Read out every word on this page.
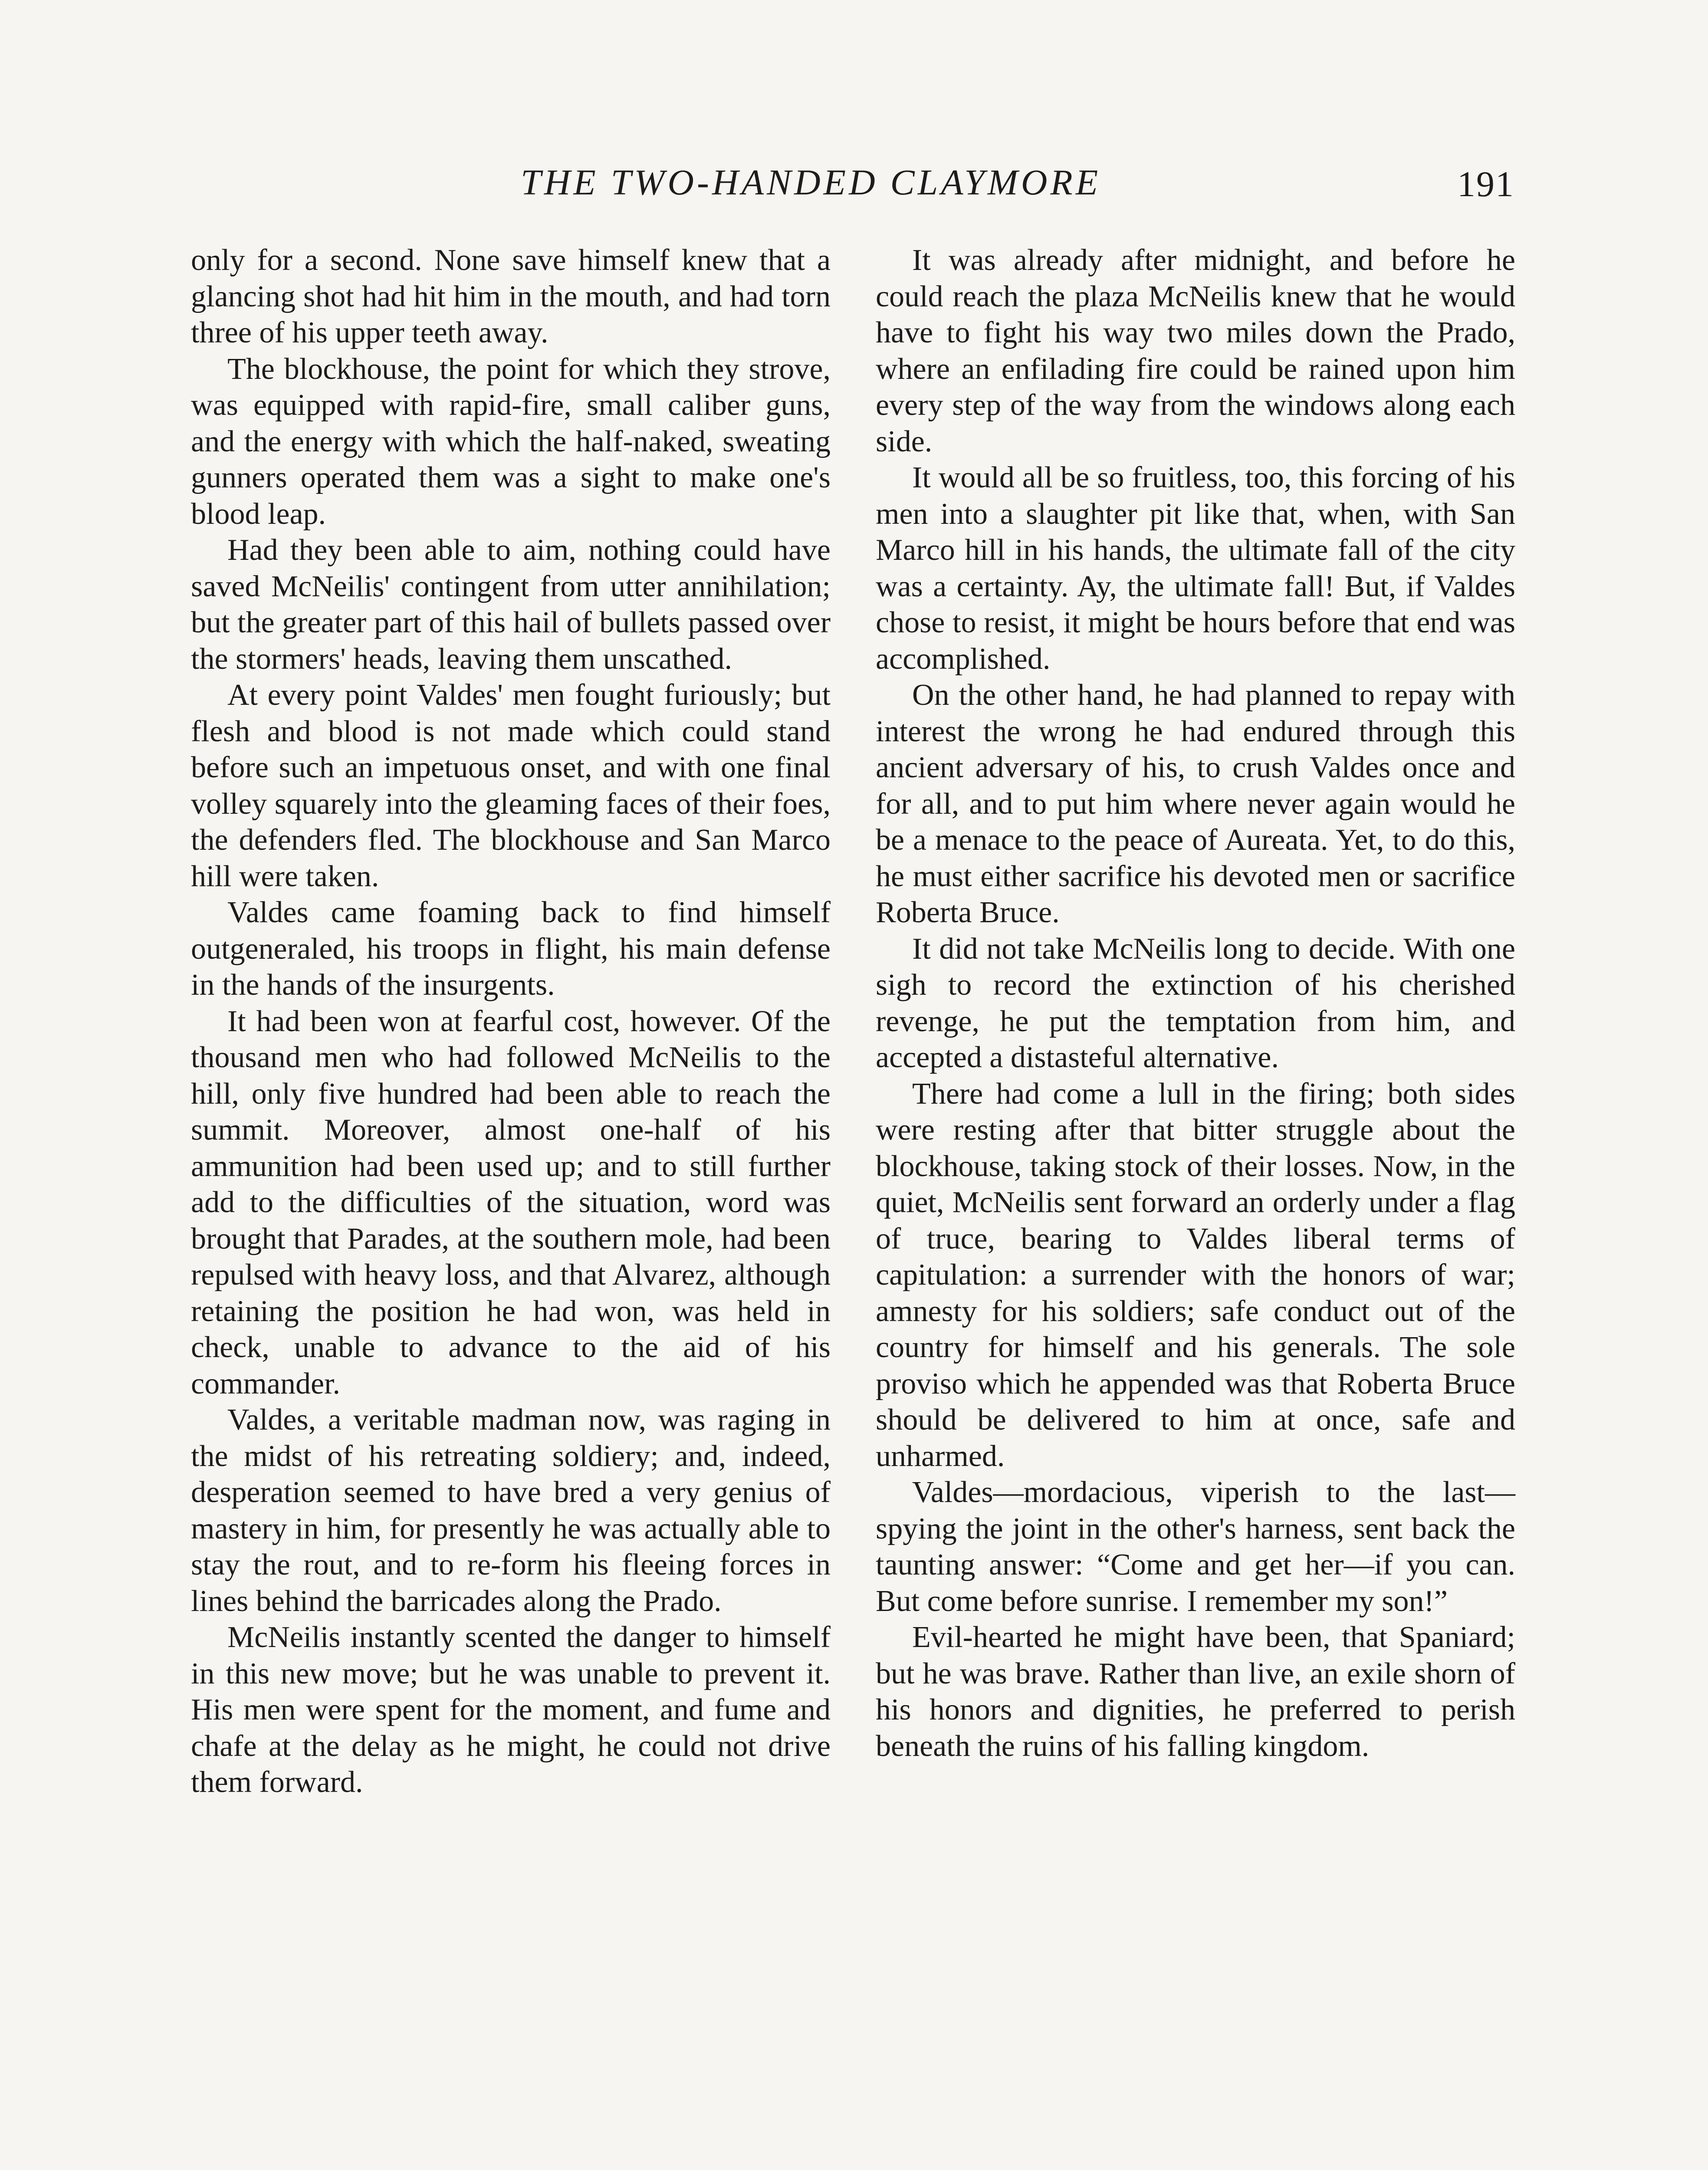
THE TWO-HANDED CLAYMORE	191

only for a second. None save himself knew that a glancing shot had hit him in the mouth, and had torn three of his upper teeth away.

The blockhouse, the point for which they strove, was equipped with rapid-fire, small caliber guns, and the energy with which the half-naked, sweating gunners operated them was a sight to make one's blood leap.

Had they been able to aim, nothing could have saved McNeilis' contingent from utter annihilation; but the greater part of this hail of bullets passed over the stormers' heads, leaving them unscathed.

At every point Valdes' men fought furiously; but flesh and blood is not made which could stand before such an impetuous onset, and with one final volley squarely into the gleaming faces of their foes, the defenders fled. The blockhouse and San Marco hill were taken.

Valdes came foaming back to find himself outgeneraled, his troops in flight, his main defense in the hands of the insurgents.

It had been won at fearful cost, however. Of the thousand men who had followed McNeilis to the hill, only five hundred had been able to reach the summit. Moreover, almost one-half of his ammunition had been used up; and to still further add to the difficulties of the situation, word was brought that Parades, at the southern mole, had been repulsed with heavy loss, and that Alvarez, although retaining the position he had won, was held in check, unable to advance to the aid of his commander.

Valdes, a veritable madman now, was raging in the midst of his retreating soldiery; and, indeed, desperation seemed to have bred a very genius of mastery in him, for presently he was actually able to stay the rout, and to re-form his fleeing forces in lines behind the barricades along the Prado.

McNeilis instantly scented the danger to himself in this new move; but he was unable to prevent it. His men were spent for the moment, and fume and chafe at the delay as he might, he could not drive them forward.

It was already after midnight, and before he could reach the plaza McNeilis knew that he would have to fight his way two miles down the Prado, where an enfilading fire could be rained upon him every step of the way from the windows along each side.

It would all be so fruitless, too, this forcing of his men into a slaughter pit like that, when, with San Marco hill in his hands, the ultimate fall of the city was a certainty. Ay, the ultimate fall! But, if Valdes chose to resist, it might be hours before that end was accomplished.

On the other hand, he had planned to repay with interest the wrong he had endured through this ancient adversary of his, to crush Valdes once and for all, and to put him where never again would he be a menace to the peace of Aureata. Yet, to do this, he must either sacrifice his devoted men or sacrifice Roberta Bruce.

It did not take McNeilis long to decide. With one sigh to record the extinction of his cherished revenge, he put the temptation from him, and accepted a distasteful alternative.

There had come a lull in the firing; both sides were resting after that bitter struggle about the blockhouse, taking stock of their losses. Now, in the quiet, McNeilis sent forward an orderly under a flag of truce, bearing to Valdes liberal terms of capitulation: a surrender with the honors of war; amnesty for his soldiers; safe conduct out of the country for himself and his generals. The sole proviso which he appended was that Roberta Bruce should be delivered to him at once, safe and unharmed.

Valdes—mordacious, viperish to the last—spying the joint in the other's harness, sent back the taunting answer: “Come and get her—if you can. But come before sunrise. I remember my son!”

Evil-hearted he might have been, that Spaniard; but he was brave. Rather than live, an exile shorn of his honors and dignities, he preferred to perish beneath the ruins of his falling kingdom.
